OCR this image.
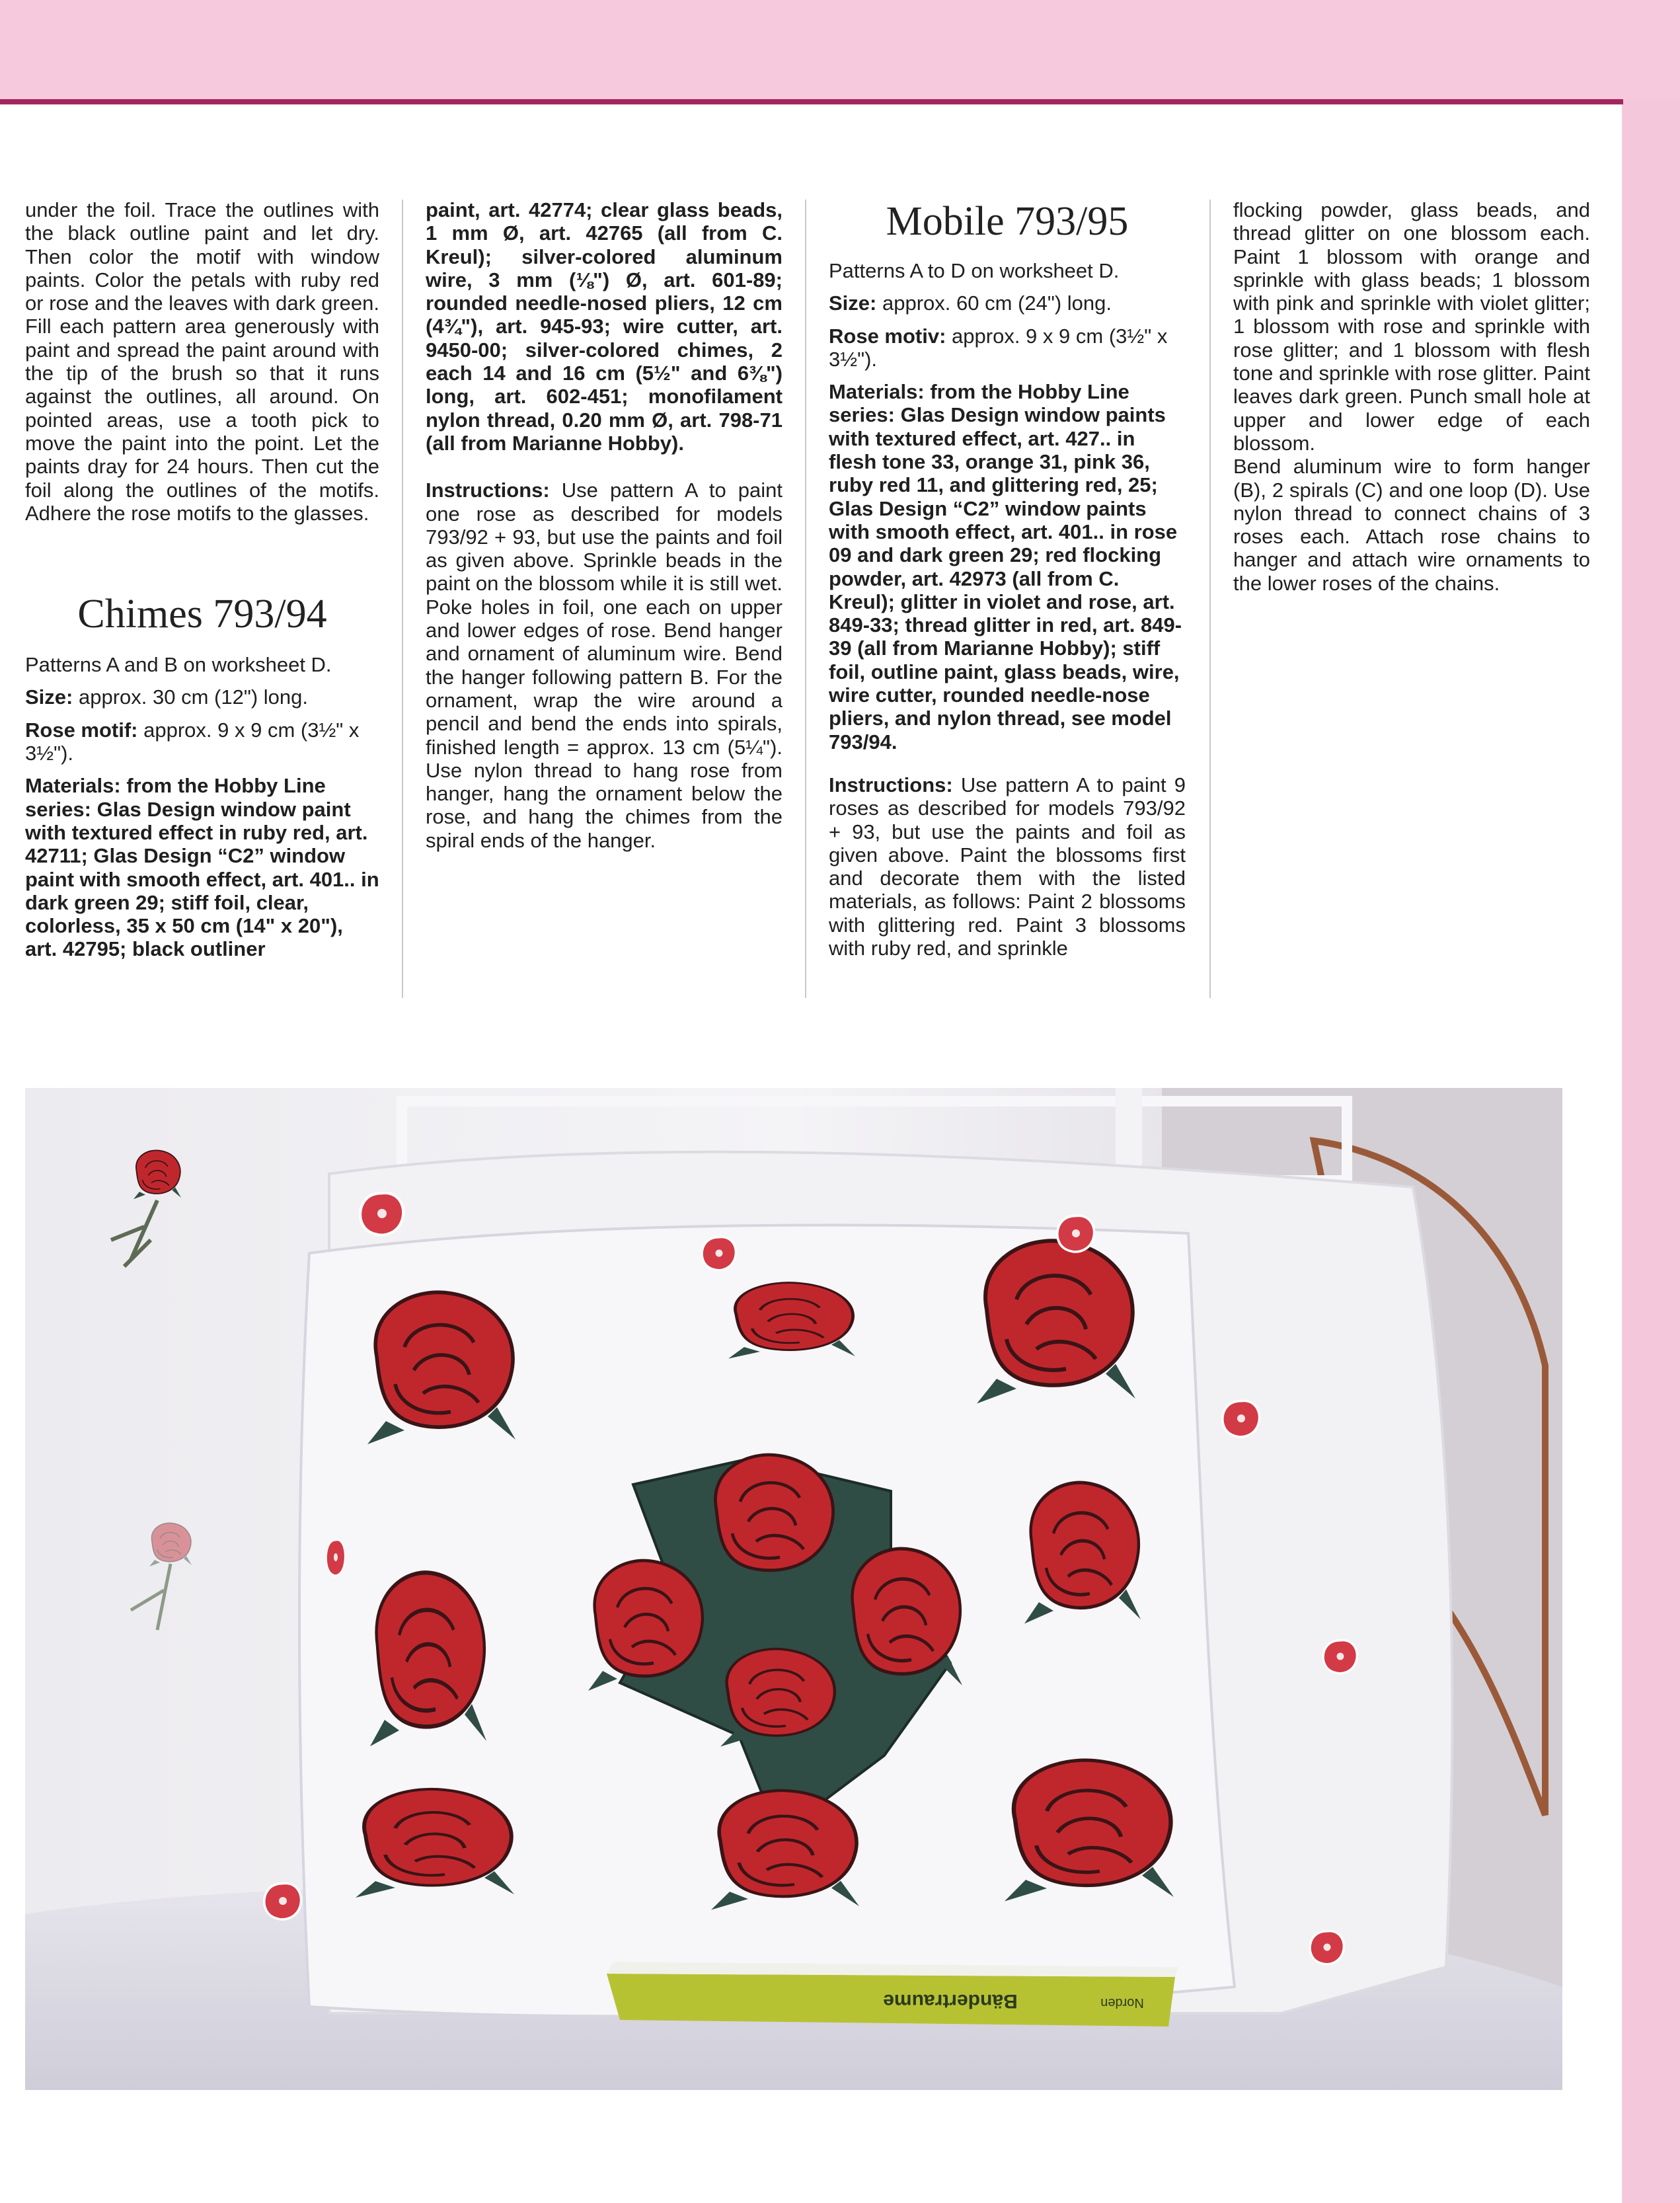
under the foil. Trace the outlines with the black outline paint and let dry. Then color the motif with window paints. Color the petals with ruby red or rose and the leaves with dark green. Fill each pattern area generously with paint and spread the paint around with the tip of the brush so that it runs against the outlines, all around. On pointed areas, use a tooth pick to move the paint into the point. Let the paints dray for 24 hours. Then cut the foil along the outlines of the motifs. Adhere the rose motifs to the glasses.

Chimes 793/94

Patterns A and B on worksheet D.

Size: approx. 30 cm (12") long.

Rose motif: approx. 9 x 9 cm (3½" x 3½").

Materials: from the Hobby Line series: Glas Design window paint with textured effect in ruby red, art. 42711; Glas Design “C2” window paint with smooth effect, art. 401.. in dark green 29; stiff foil, clear, colorless, 35 x 50 cm (14" x 20"), art. 42795; black outliner

paint, art. 42774; clear glass beads, 1 mm Ø, art. 42765 (all from C. Kreul); silver-colored aluminum wire, 3 mm (⅛") Ø, art. 601-89; rounded needle-nosed pliers, 12 cm (4¾"), art. 945-93; wire cutter, art. 9450-00; silver-colored chimes, 2 each 14 and 16 cm (5½" and 6⅜") long, art. 602-451; monofilament nylon thread, 0.20 mm Ø, art. 798-71 (all from Marianne Hobby).

Instructions: Use pattern A to paint one rose as described for models 793/92 + 93, but use the paints and foil as given above. Sprinkle beads in the paint on the blossom while it is still wet. Poke holes in foil, one each on upper and lower edges of rose. Bend hanger and ornament of aluminum wire. Bend the hanger following pattern B. For the ornament, wrap the wire around a pencil and bend the ends into spirals, finished length = approx. 13 cm (5¼"). Use nylon thread to hang rose from hanger, hang the ornament below the rose, and hang the chimes from the spiral ends of the hanger.

Mobile 793/95

Patterns A to D on worksheet D.

Size: approx. 60 cm (24") long.

Rose motiv: approx. 9 x 9 cm (3½" x 3½").

Materials: from the Hobby Line series: Glas Design window paints with textured effect, art. 427.. in flesh tone 33, orange 31, pink 36, ruby red 11, and glittering red, 25; Glas Design “C2” window paints with smooth effect, art. 401.. in rose 09 and dark green 29; red flocking powder, art. 42973 (all from C. Kreul); glitter in violet and rose, art. 849-33; thread glitter in red, art. 849-39 (all from Marianne Hobby); stiff foil, outline paint, glass beads, wire, wire cutter, rounded needle-nose pliers, and nylon thread, see model 793/94.

Instructions: Use pattern A to paint 9 roses as described for models 793/92 + 93, but use the paints and foil as given above. Paint the blossoms first and decorate them with the listed materials, as follows: Paint 2 blossoms with glittering red. Paint 3 blossoms with ruby red, and sprinkle

flocking powder, glass beads, and thread glitter on one blossom each. Paint 1 blossom with orange and sprinkle with glass beads; 1 blossom with pink and sprinkle with violet glitter; 1 blossom with rose and sprinkle with rose glitter; and 1 blossom with flesh tone and sprinkle with rose glitter. Paint leaves dark green. Punch small hole at upper and lower edge of each blossom.

Bend aluminum wire to form hanger (B), 2 spirals (C) and one loop (D). Use nylon thread to connect chains of 3 roses each. Attach rose chains to hanger and attach wire ornaments to the lower roses of the chains.

Bändertraume	Norden
